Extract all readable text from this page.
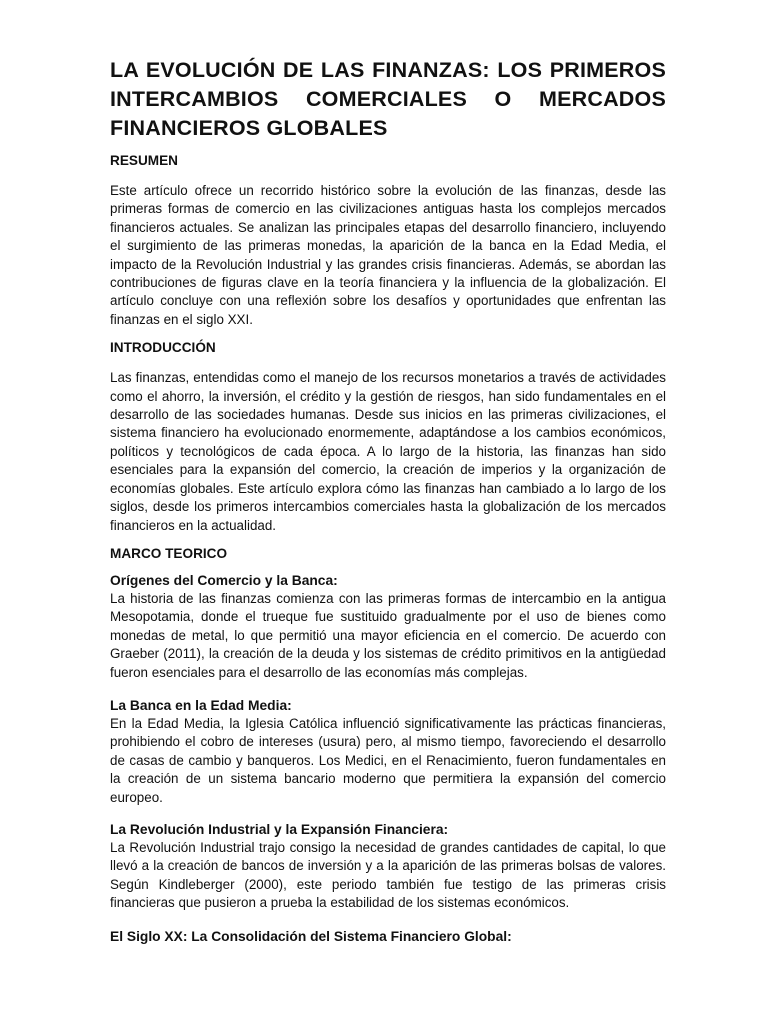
LA EVOLUCIÓN DE LAS FINANZAS: LOS PRIMEROS INTERCAMBIOS COMERCIALES O MERCADOS FINANCIEROS GLOBALES
RESUMEN

Este artículo ofrece un recorrido histórico sobre la evolución de las finanzas, desde las primeras formas de comercio en las civilizaciones antiguas hasta los complejos mercados financieros actuales. Se analizan las principales etapas del desarrollo financiero, incluyendo el surgimiento de las primeras monedas, la aparición de la banca en la Edad Media, el impacto de la Revolución Industrial y las grandes crisis financieras. Además, se abordan las contribuciones de figuras clave en la teoría financiera y la influencia de la globalización. El artículo concluye con una reflexión sobre los desafíos y oportunidades que enfrentan las finanzas en el siglo XXI.

INTRODUCCIÓN

Las finanzas, entendidas como el manejo de los recursos monetarios a través de actividades como el ahorro, la inversión, el crédito y la gestión de riesgos, han sido fundamentales en el desarrollo de las sociedades humanas. Desde sus inicios en las primeras civilizaciones, el sistema financiero ha evolucionado enormemente, adaptándose a los cambios económicos, políticos y tecnológicos de cada época. A lo largo de la historia, las finanzas han sido esenciales para la expansión del comercio, la creación de imperios y la organización de economías globales. Este artículo explora cómo las finanzas han cambiado a lo largo de los siglos, desde los primeros intercambios comerciales hasta la globalización de los mercados financieros en la actualidad.

MARCO TEORICO
Orígenes del Comercio y la Banca:

La historia de las finanzas comienza con las primeras formas de intercambio en la antigua Mesopotamia, donde el trueque fue sustituido gradualmente por el uso de bienes como monedas de metal, lo que permitió una mayor eficiencia en el comercio. De acuerdo con Graeber (2011), la creación de la deuda y los sistemas de crédito primitivos en la antigüedad fueron esenciales para el desarrollo de las economías más complejas.

La Banca en la Edad Media:

En la Edad Media, la Iglesia Católica influenció significativamente las prácticas financieras, prohibiendo el cobro de intereses (usura) pero, al mismo tiempo, favoreciendo el desarrollo de casas de cambio y banqueros. Los Medici, en el Renacimiento, fueron fundamentales en la creación de un sistema bancario moderno que permitiera la expansión del comercio europeo.

La Revolución Industrial y la Expansión Financiera:

La Revolución Industrial trajo consigo la necesidad de grandes cantidades de capital, lo que llevó a la creación de bancos de inversión y a la aparición de las primeras bolsas de valores. Según Kindleberger (2000), este periodo también fue testigo de las primeras crisis financieras que pusieron a prueba la estabilidad de los sistemas económicos.

El Siglo XX: La Consolidación del Sistema Financiero Global:
